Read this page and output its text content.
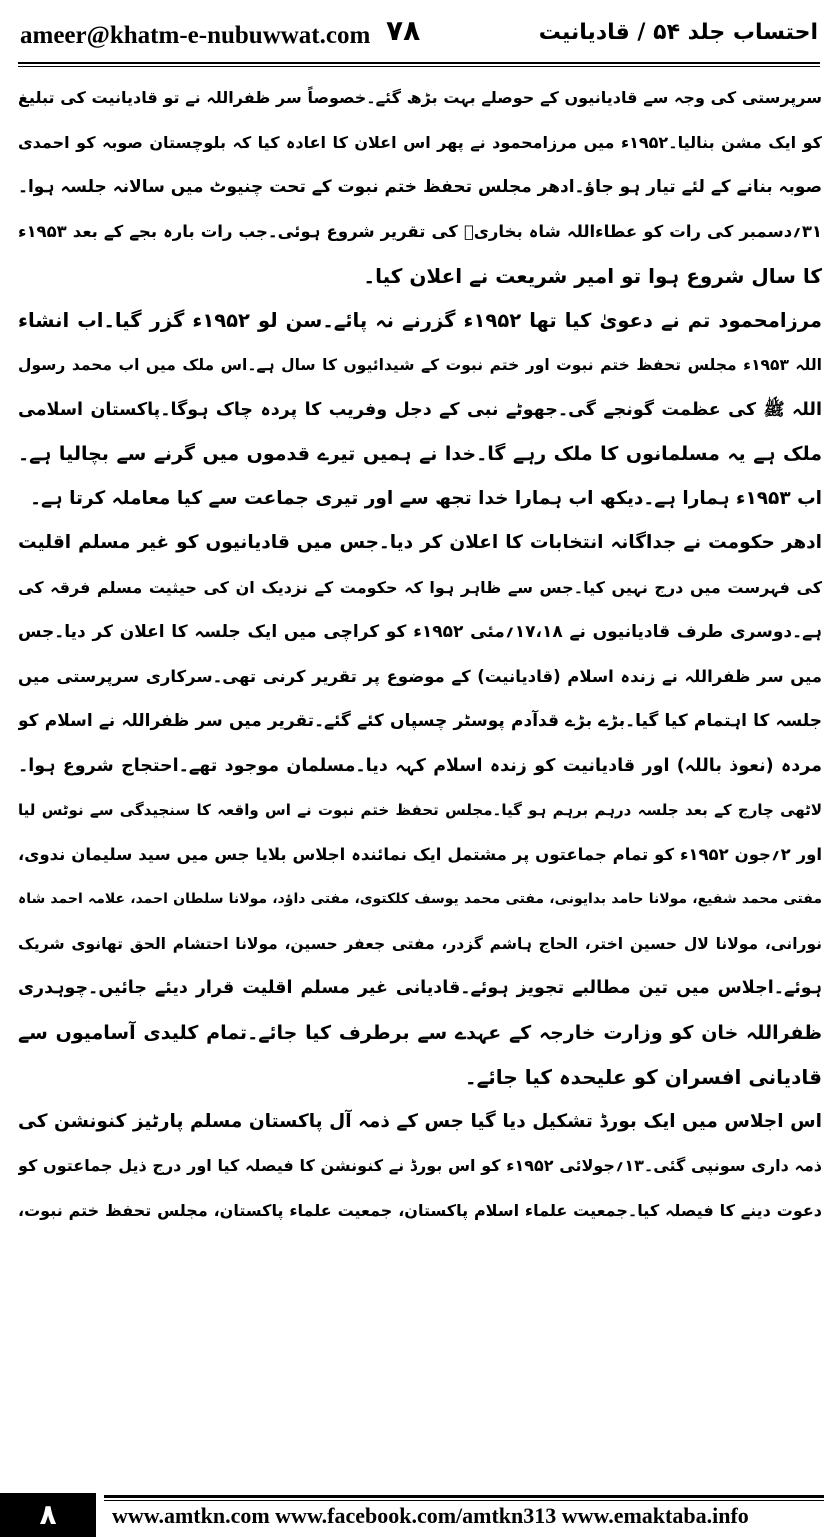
ameer@khatm-e-nubuwwat.com ۷۸	احتساب جلد ۵۴ / قادیانیت
سرپرستی کی وجہ سے قادیانیوں کے حوصلے بہت بڑھ گئے۔خصوصاً سر ظفراللہ نے تو قادیانیت کی تبلیغ
کو ایک مشن بنالیا۔۱۹۵۲ء میں مرزامحمود نے پھر اس اعلان کا اعادہ کیا کہ بلوچستان صوبہ کو احمدی
صوبہ بنانے کے لئے تیار ہو جاؤ۔ادھر مجلس تحفظ ختم نبوت کے تحت چنیوٹ میں سالانہ جلسہ ہوا۔
۳۱؍دسمبر کی رات کو عطاءاللہ شاہ بخاریؒ کی تقریر شروع ہوئی۔جب رات بارہ بجے کے بعد ۱۹۵۳ء
کا سال شروع ہوا تو امیر شریعت نے اعلان کیا۔
مرزامحمود تم نے دعویٰ کیا تھا ۱۹۵۲ء گزرنے نہ پائے۔سن لو ۱۹۵۲ء گزر گیا۔اب انشاء
اللہ ۱۹۵۳ء مجلس تحفظ ختم نبوت اور ختم نبوت کے شیدائیوں کا سال ہے۔اس ملک میں اب محمد رسول
اللہ ﷺ کی عظمت گونجے گی۔جھوٹے نبی کے دجل وفریب کا پردہ چاک ہوگا۔پاکستان اسلامی
ملک ہے یہ مسلمانوں کا ملک رہے گا۔خدا نے ہمیں تیرے قدموں میں گرنے سے بچالیا ہے۔
اب ۱۹۵۳ء ہمارا ہے۔دیکھ اب ہمارا خدا تجھ سے اور تیری جماعت سے کیا معاملہ کرتا ہے۔
ادھر حکومت نے جداگانہ انتخابات کا اعلان کر دیا۔جس میں قادیانیوں کو غیر مسلم اقلیت
کی فہرست میں درج نہیں کیا۔جس سے ظاہر ہوا کہ حکومت کے نزدیک ان کی حیثیت مسلم فرقہ کی
ہے۔دوسری طرف قادیانیوں نے ۱۷،۱۸؍مئی ۱۹۵۲ء کو کراچی میں ایک جلسہ کا اعلان کر دیا۔جس
میں سر ظفراللہ نے زندہ اسلام (قادیانیت) کے موضوع پر تقریر کرنی تھی۔سرکاری سرپرستی میں
جلسہ کا اہتمام کیا گیا۔بڑے بڑے قدآدم پوسٹر چسپاں کئے گئے۔تقریر میں سر ظفراللہ نے اسلام کو
مردہ (نعوذ باللہ) اور قادیانیت کو زندہ اسلام کہہ دیا۔مسلمان موجود تھے۔احتجاج شروع ہوا۔
لاٹھی چارج کے بعد جلسہ درہم برہم ہو گیا۔مجلس تحفظ ختم نبوت نے اس واقعہ کا سنجیدگی سے نوٹس لیا
اور ۲؍جون ۱۹۵۲ء کو تمام جماعتوں پر مشتمل ایک نمائندہ اجلاس بلایا جس میں سید سلیمان ندوی،
مفتی محمد شفیع، مولانا حامد بدایونی، مفتی محمد یوسف کلکتوی، مفتی داؤد، مولانا سلطان احمد، علامہ احمد شاہ
نورانی، مولانا لال حسین اختر، الحاج ہاشم گزدر، مفتی جعفر حسین، مولانا احتشام الحق تھانوی شریک
ہوئے۔اجلاس میں تین مطالبے تجویز ہوئے۔قادیانی غیر مسلم اقلیت قرار دیئے جائیں۔چوہدری
ظفراللہ خان کو وزارت خارجہ کے عہدے سے برطرف کیا جائے۔تمام کلیدی آسامیوں سے
قادیانی افسران کو علیحدہ کیا جائے۔
اس اجلاس میں ایک بورڈ تشکیل دیا گیا جس کے ذمہ آل پاکستان مسلم پارٹیز کنونشن کی
ذمہ داری سونپی گئی۔۱۳؍جولائی ۱۹۵۲ء کو اس بورڈ نے کنونشن کا فیصلہ کیا اور درج ذیل جماعتوں کو
دعوت دینے کا فیصلہ کیا۔جمعیت علماء اسلام پاکستان، جمعیت علماء پاکستان، مجلس تحفظ ختم نبوت،
۸	www.amtkn.com www.facebook.com/amtkn313 www.emaktaba.info
